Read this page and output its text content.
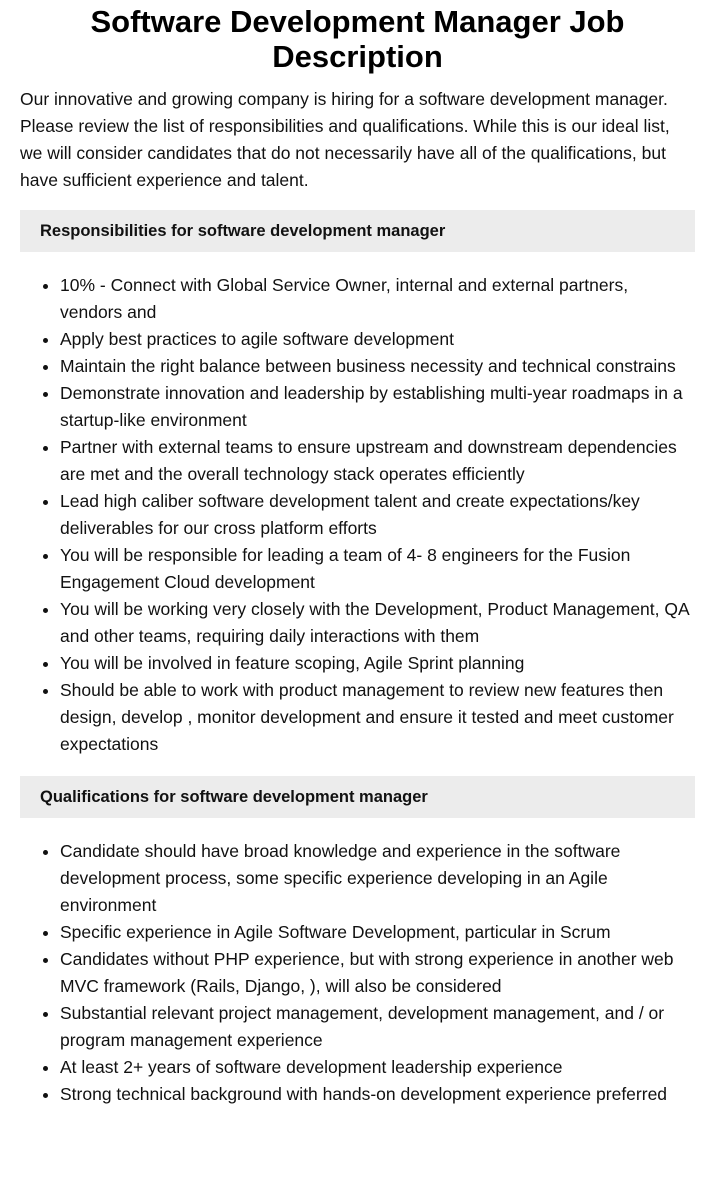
Software Development Manager Job Description

Our innovative and growing company is hiring for a software development manager. Please review the list of responsibilities and qualifications. While this is our ideal list, we will consider candidates that do not necessarily have all of the qualifications, but have sufficient experience and talent.

Responsibilities for software development manager
• 10% - Connect with Global Service Owner, internal and external partners, vendors and
• Apply best practices to agile software development
• Maintain the right balance between business necessity and technical constrains
• Demonstrate innovation and leadership by establishing multi-year roadmaps in a startup-like environment
• Partner with external teams to ensure upstream and downstream dependencies are met and the overall technology stack operates efficiently
• Lead high caliber software development talent and create expectations/key deliverables for our cross platform efforts
• You will be responsible for leading a team of 4- 8 engineers for the Fusion Engagement Cloud development
• You will be working very closely with the Development, Product Management, QA and other teams, requiring daily interactions with them
• You will be involved in feature scoping, Agile Sprint planning
• Should be able to work with product management to review new features then design, develop , monitor development and ensure it tested and meet customer expectations
Qualifications for software development manager
• Candidate should have broad knowledge and experience in the software development process, some specific experience developing in an Agile environment
• Specific experience in Agile Software Development, particular in Scrum
• Candidates without PHP experience, but with strong experience in another web MVC framework (Rails, Django, ), will also be considered
• Substantial relevant project management, development management, and / or program management experience
• At least 2+ years of software development leadership experience
• Strong technical background with hands-on development experience preferred
